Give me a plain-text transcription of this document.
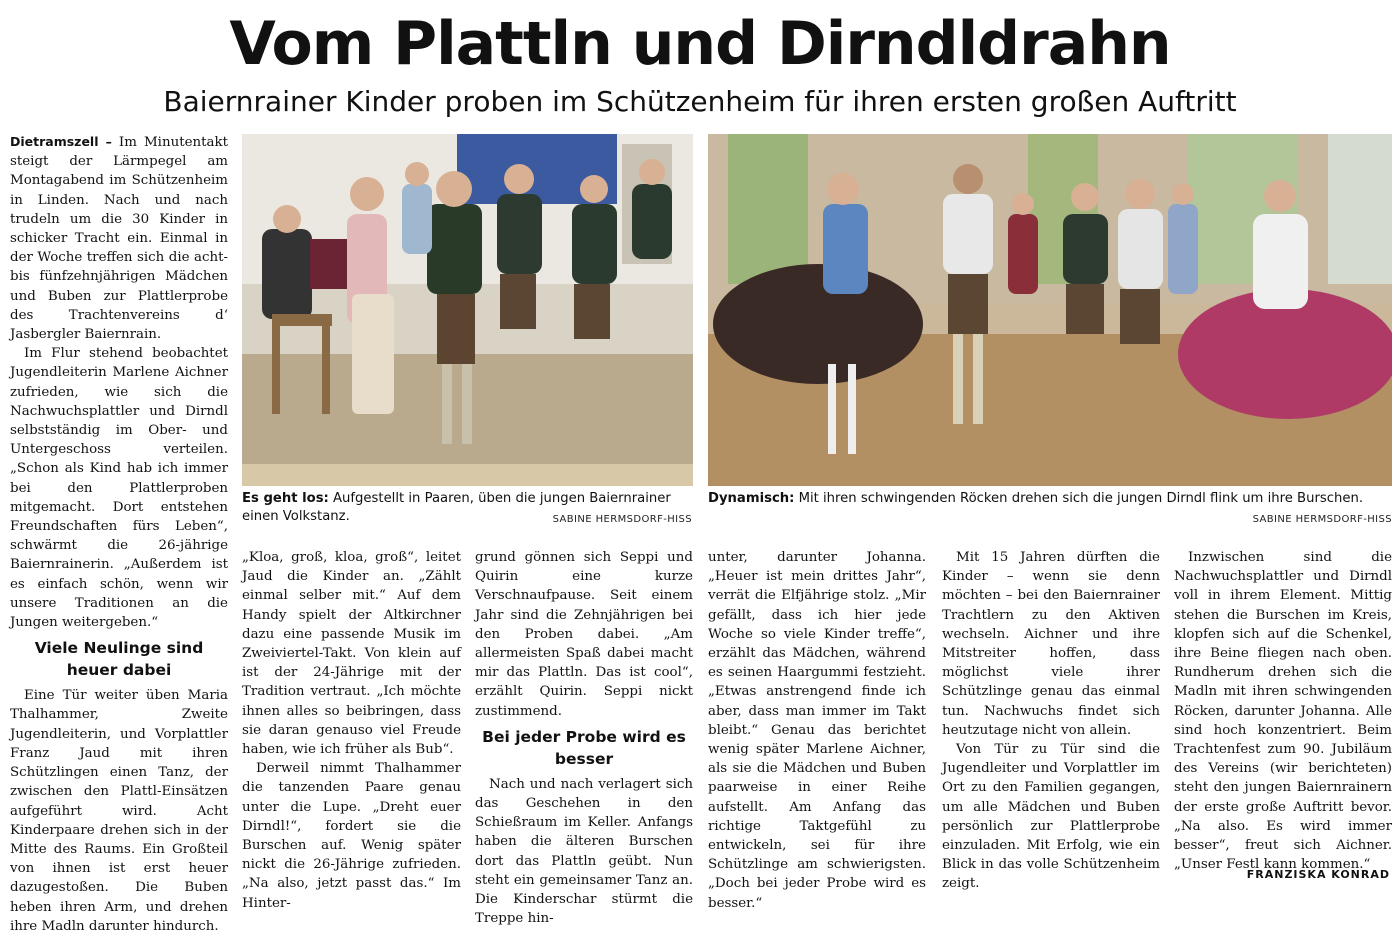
Vom Plattln und Dirndldrahn
Baiernrainer Kinder proben im Schützenheim für ihren ersten großen Auftritt

Dietramszell – Im Minutentakt steigt der Lärmpegel am Montagabend im Schützenheim in Linden. Nach und nach trudeln um die 30 Kinder in schicker Tracht ein. Einmal in der Woche treffen sich die acht- bis fünfzehnjährigen Mädchen und Buben zur Plattlerprobe des Trachtenvereins d‘ Jasbergler Baiernrain.

Im Flur stehend beobachtet Jugendleiterin Marlene Aichner zufrieden, wie sich die Nachwuchsplattler und Dirndl selbstständig im Ober- und Untergeschoss verteilen. „Schon als Kind hab ich immer bei den Plattlerproben mitgemacht. Dort entstehen Freundschaften fürs Leben“, schwärmt die 26-jährige Baiernrainerin. „Außerdem ist es einfach schön, wenn wir unsere Traditionen an die Jungen weitergeben.“

Viele Neulinge sind heuer dabei

Eine Tür weiter üben Maria Thalhammer, Zweite Jugendleiterin, und Vorplattler Franz Jaud mit ihren Schützlingen einen Tanz, der zwischen den Plattl-Einsätzen aufgeführt wird. Acht Kinderpaare drehen sich in der Mitte des Raums. Ein Großteil von ihnen ist erst heuer dazugestoßen. Die Buben heben ihren Arm, und drehen ihre Madln darunter hindurch.

Es geht los: Aufgestellt in Paaren, üben die jungen Baiernrainer einen Volkstanz.	SABINE HERMSDORF-HISS
Dynamisch: Mit ihren schwingenden Röcken drehen sich die jungen Dirndl flink um ihre Burschen.
SABINE HERMSDORF-HISS

„Kloa, groß, kloa, groß“, leitet Jaud die Kinder an. „Zählt einmal selber mit.“ Auf dem Handy spielt der Altkirchner dazu eine passende Musik im Zweiviertel-Takt. Von klein auf ist der 24-Jährige mit der Tradition vertraut. „Ich möchte ihnen alles so beibringen, dass sie daran genauso viel Freude haben, wie ich früher als Bub“.

Derweil nimmt Thalhammer die tanzenden Paare genau unter die Lupe. „Dreht euer Dirndl!“, fordert sie die Burschen auf. Wenig später nickt die 26-Jährige zufrieden. „Na also, jetzt passt das.“ Im Hinter-

grund gönnen sich Seppi und Quirin eine kurze Verschnaufpause. Seit einem Jahr sind die Zehnjährigen bei den Proben dabei. „Am allermeisten Spaß dabei macht mir das Plattln. Das ist cool“, erzählt Quirin. Seppi nickt zustimmend.

Bei jeder Probe wird es besser

Nach und nach verlagert sich das Geschehen in den Schießraum im Keller. Anfangs haben die älteren Burschen dort das Plattln geübt. Nun steht ein gemeinsamer Tanz an. Die Kinderschar stürmt die Treppe hin-

unter, darunter Johanna. „Heuer ist mein drittes Jahr“, verrät die Elfjährige stolz. „Mir gefällt, dass ich hier jede Woche so viele Kinder treffe“, erzählt das Mädchen, während es seinen Haargummi festzieht. „Etwas anstrengend finde ich aber, dass man immer im Takt bleibt.“ Genau das berichtet wenig später Marlene Aichner, als sie die Mädchen und Buben paarweise in einer Reihe aufstellt. Am Anfang das richtige Taktgefühl zu entwickeln, sei für ihre Schützlinge am schwierigsten. „Doch bei jeder Probe wird es besser.“

Mit 15 Jahren dürften die Kinder – wenn sie denn möchten – bei den Baiernrainer Trachtlern zu den Aktiven wechseln. Aichner und ihre Mitstreiter hoffen, dass möglichst viele ihrer Schützlinge genau das einmal tun. Nachwuchs findet sich heutzutage nicht von allein.

Von Tür zu Tür sind die Jugendleiter und Vorplattler im Ort zu den Familien gegangen, um alle Mädchen und Buben persönlich zur Plattlerprobe einzuladen. Mit Erfolg, wie ein Blick in das volle Schützenheim zeigt.

Inzwischen sind die Nachwuchsplattler und Dirndl voll in ihrem Element. Mittig stehen die Burschen im Kreis, klopfen sich auf die Schenkel, ihre Beine fliegen nach oben. Rundherum drehen sich die Madln mit ihren schwingenden Röcken, darunter Johanna. Alle sind hoch konzentriert. Beim Trachtenfest zum 90. Jubiläum des Vereins (wir berichteten) steht den jungen Baiernrainern der erste große Auftritt bevor. „Na also. Es wird immer besser“, freut sich Aichner. „Unser Festl kann kommen.“

FRANZISKA KONRAD
